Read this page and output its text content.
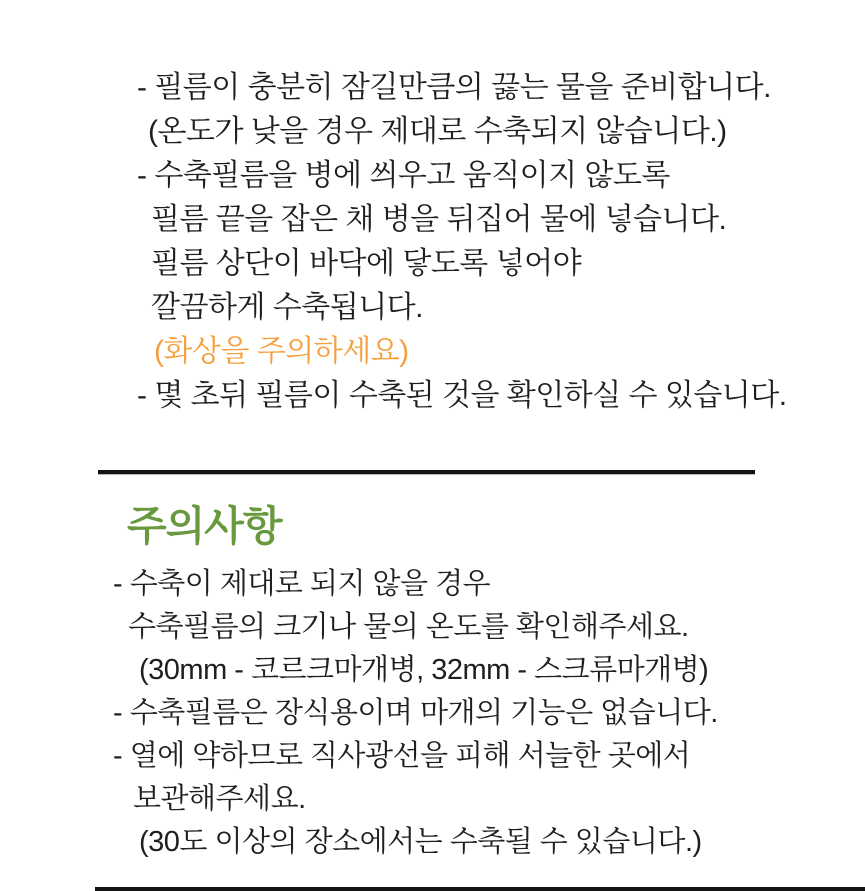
- 필름이 충분히 잠길만큼의 끓는 물을 준비합니다.
(온도가 낮을 경우 제대로 수축되지 않습니다.)
- 수축필름을 병에 씌우고 움직이지 않도록
필름 끝을 잡은 채 병을 뒤집어 물에 넣습니다.
필름 상단이 바닥에 닿도록 넣어야
깔끔하게 수축됩니다.
(화상을 주의하세요)
- 몇 초뒤 필름이 수축된 것을 확인하실 수 있습니다.
주의사항
- 수축이 제대로 되지 않을 경우
수축필름의 크기나 물의 온도를 확인해주세요.
(30mm - 코르크마개병, 32mm - 스크류마개병)
- 수축필름은 장식용이며 마개의 기능은 없습니다.
- 열에 약하므로 직사광선을 피해 서늘한 곳에서
보관해주세요.
(30도 이상의 장소에서는 수축될 수 있습니다.)
